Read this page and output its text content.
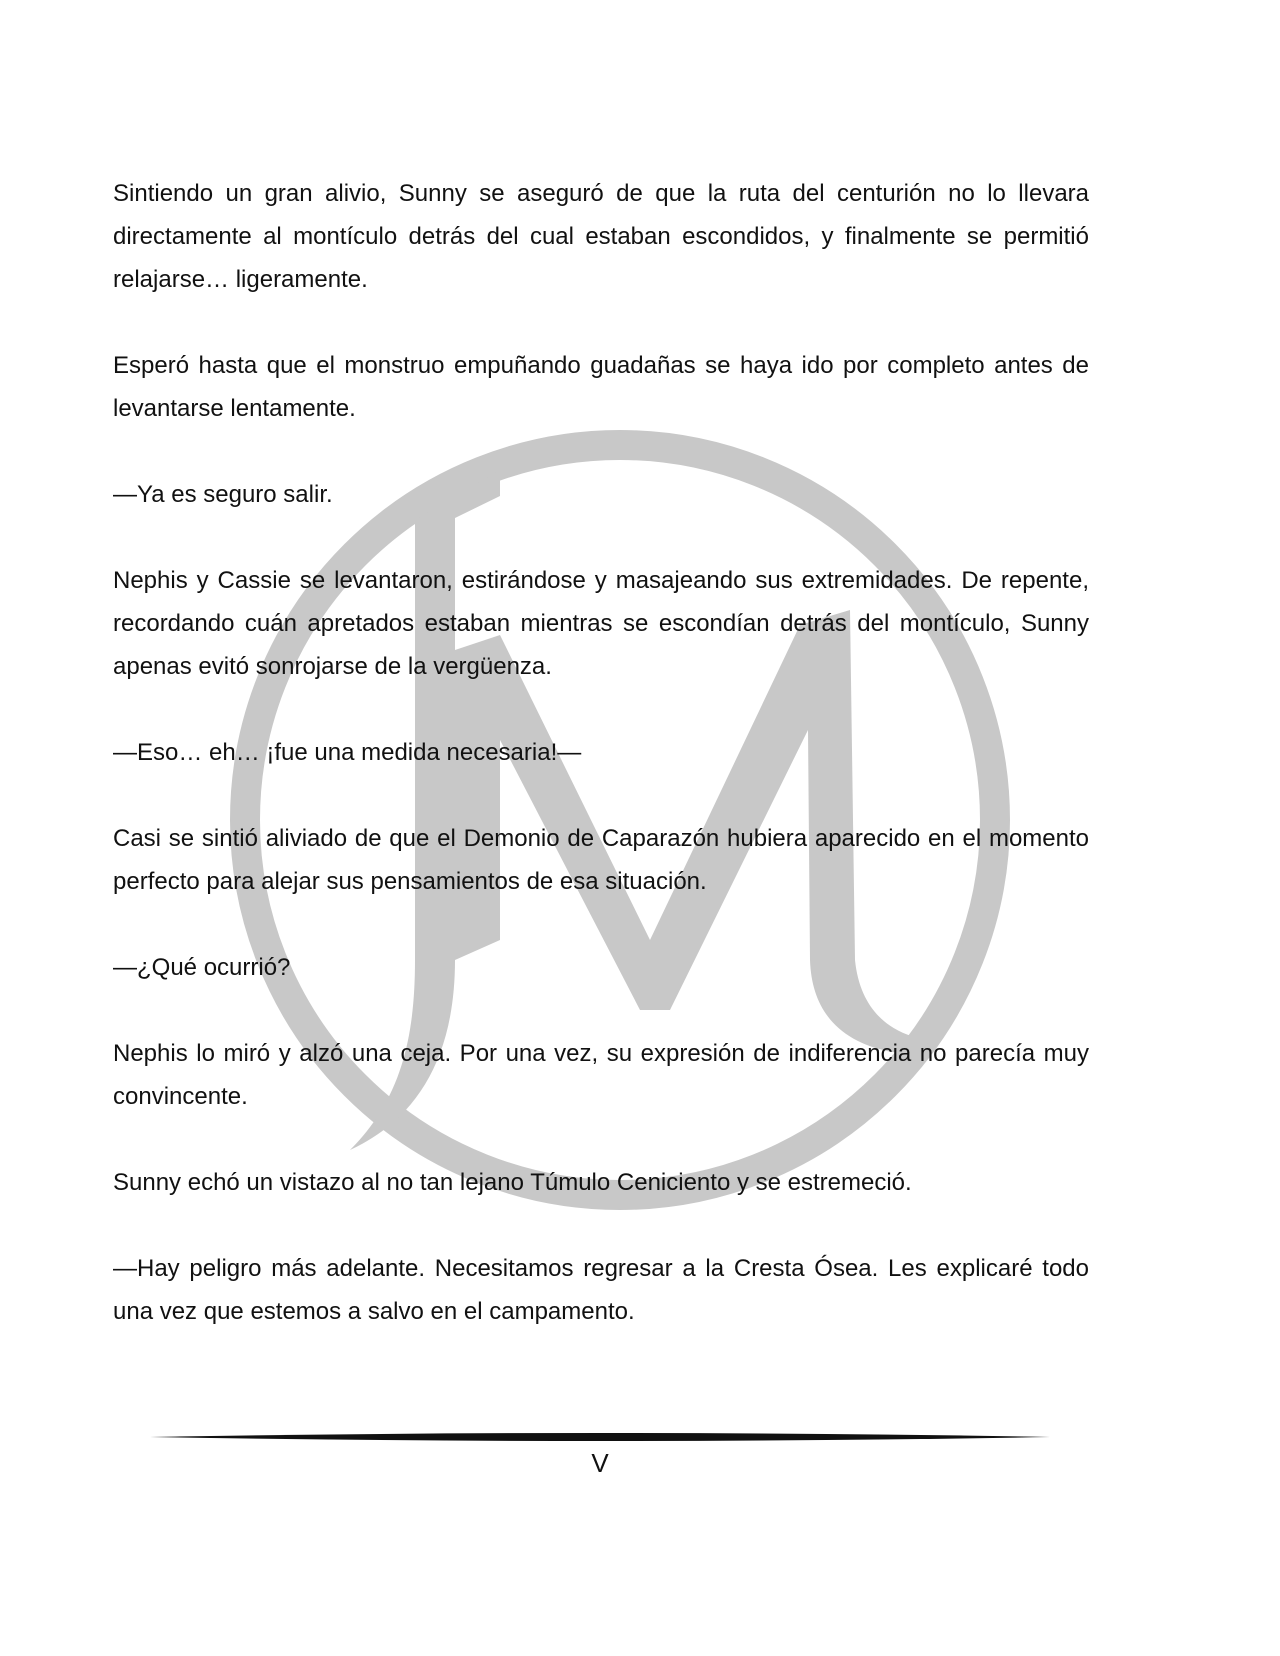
Sintiendo un gran alivio, Sunny se aseguró de que la ruta del centurión no lo llevara directamente al montículo detrás del cual estaban escondidos, y finalmente se permitió relajarse… ligeramente.

Esperó hasta que el monstruo empuñando guadañas se haya ido por completo antes de levantarse lentamente.

—Ya es seguro salir.

Nephis y Cassie se levantaron, estirándose y masajeando sus extremidades. De repente, recordando cuán apretados estaban mientras se escondían detrás del montículo, Sunny apenas evitó sonrojarse de la vergüenza.

—Eso… eh… ¡fue una medida necesaria!—

Casi se sintió aliviado de que el Demonio de Caparazón hubiera aparecido en el momento perfecto para alejar sus pensamientos de esa situación.

—¿Qué ocurrió?

Nephis lo miró y alzó una ceja. Por una vez, su expresión de indiferencia no parecía muy convincente.

Sunny echó un vistazo al no tan lejano Túmulo Ceniciento y se estremeció.

—Hay peligro más adelante. Necesitamos regresar a la Cresta Ósea. Les explicaré todo una vez que estemos a salvo en el campamento.

V
